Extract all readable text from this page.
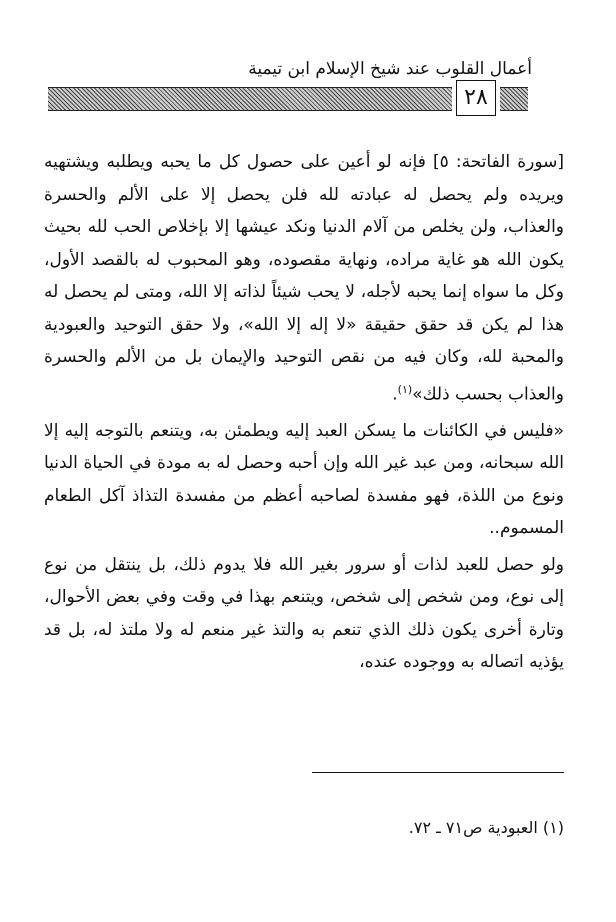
أعمال القلوب عند شيخ الإسلام ابن تيمية
٢٨

[سورة الفاتحة: ٥] فإنه لو أعين على حصول كل ما يحبه ويطلبه ويشتهيه ويريده ولم يحصل له عبادته لله فلن يحصل إلا على الألم والحسرة والعذاب، ولن يخلص من آلام الدنيا ونكد عيشها إلا بإخلاص الحب لله بحيث يكون الله هو غاية مراده، ونهاية مقصوده، وهو المحبوب له بالقصد الأول، وكل ما سواه إنما يحبه لأجله، لا يحب شيئاً لذاته إلا الله، ومتى لم يحصل له هذا لم يكن قد حقق حقيقة «لا إله إلا الله»، ولا حقق التوحيد والعبودية والمحبة لله، وكان فيه من نقص التوحيد والإيمان بل من الألم والحسرة والعذاب بحسب ذلك»$^{(١)}$.

«فليس في الكائنات ما يسكن العبد إليه ويطمئن به، ويتنعم بالتوجه إليه إلا الله سبحانه، ومن عبد غير الله وإن أحبه وحصل له به مودة في الحياة الدنيا ونوع من اللذة، فهو مفسدة لصاحبه أعظم من مفسدة التذاذ آكل الطعام المسموم..

ولو حصل للعبد لذات أو سرور بغير الله فلا يدوم ذلك، بل ينتقل من نوع إلى نوع، ومن شخص إلى شخص، ويتنعم بهذا في وقت وفي بعض الأحوال، وتارة أخرى يكون ذلك الذي تنعم به والتذ غير منعم له ولا ملتذ له، بل قد يؤذيه اتصاله به ووجوده عنده،

(١) العبودية ص٧١ ـ ٧٢.
